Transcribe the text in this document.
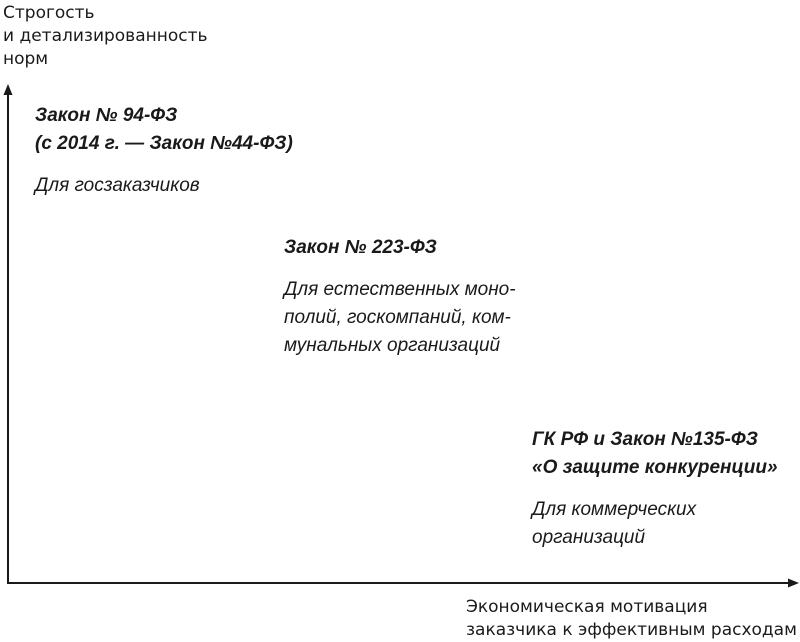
Строгость
и детализированность
норм
Экономическая мотивация
заказчика к эффективным расходам
Закон № 94-ФЗ
(с 2014 г. — Закон №44-ФЗ)
Для госзаказчиков
Закон № 223-ФЗ
Для естественных моно-
полий, госкомпаний, ком-
мунальных организаций
ГК РФ и Закон №135-ФЗ
«О защите конкуренции»
Для коммерческих
организаций
